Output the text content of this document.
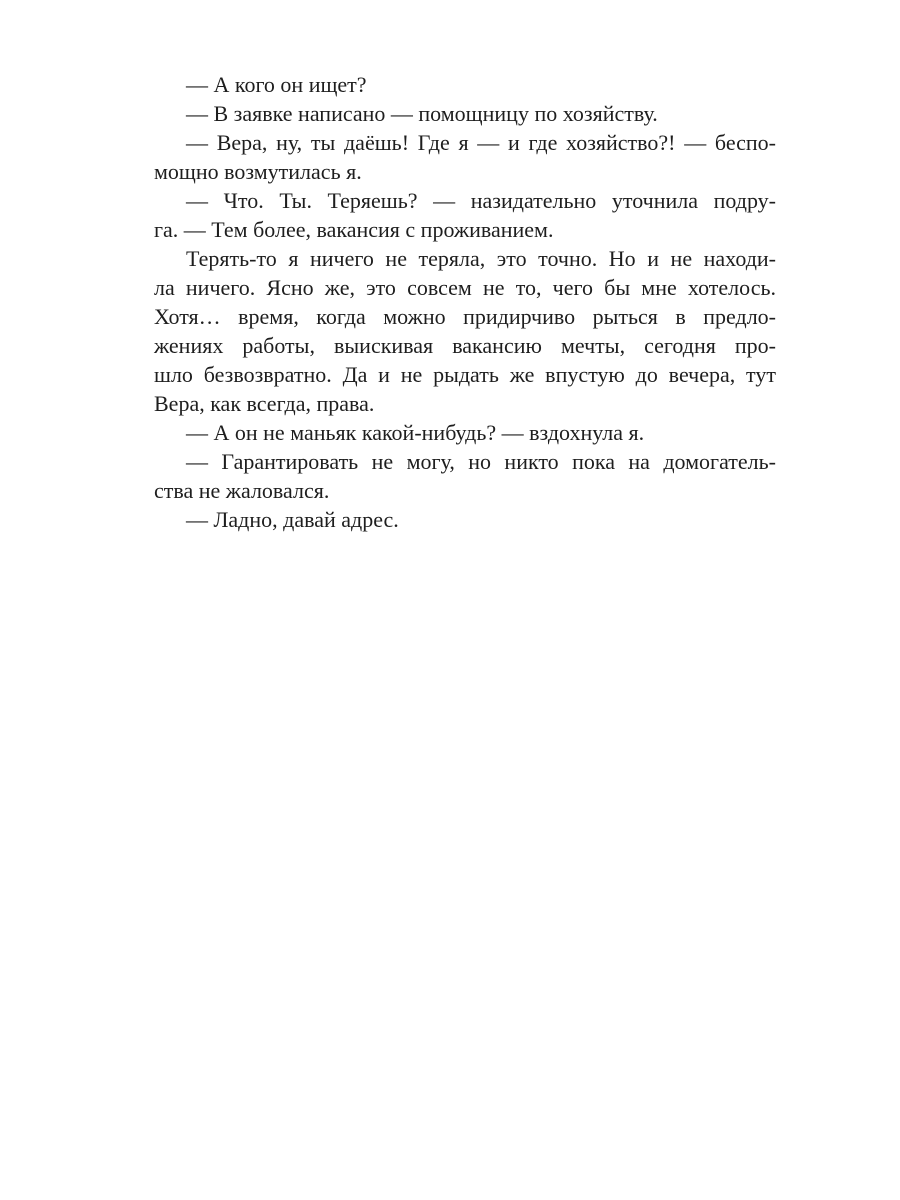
— А кого он ищет?
— В заявке написано — помощницу по хозяйству.
— Вера, ну, ты даёшь! Где я — и где хозяйство?! — беспо-
мощно возмутилась я.
— Что. Ты. Теряешь? — назидательно уточнила подру-
га. — Тем более, вакансия с проживанием.
Терять-то я ничего не теряла, это точно. Но и не находи-
ла ничего. Ясно же, это совсем не то, чего бы мне хотелось.
Хотя… время, когда можно придирчиво рыться в предло-
жениях работы, выискивая вакансию мечты, сегодня про-
шло безвозвратно. Да и не рыдать же впустую до вечера, тут
Вера, как всегда, права.
— А он не маньяк какой-нибудь? — вздохнула я.
— Гарантировать не могу, но никто пока на домогатель-
ства не жаловался.
— Ладно, давай адрес.
